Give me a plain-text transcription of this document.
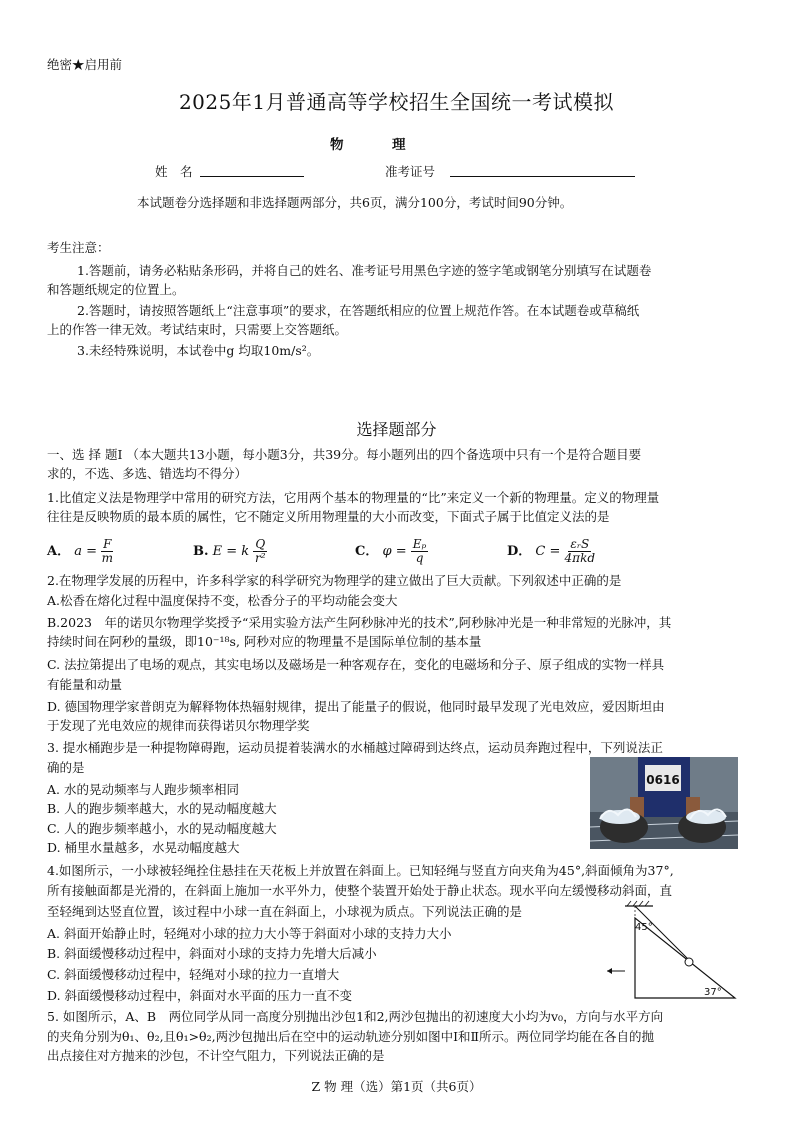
绝密★启用前
2025年1月普通高等学校招生全国统一考试模拟
物　　　理
姓　名	准考证号
本试题卷分选择题和非选择题两部分，共6页，满分100分，考试时间90分钟。
考生注意：
1.答题前，请务必粘贴条形码，并将自己的姓名、准考证号用黑色字迹的签字笔或钢笔分别填写在试题卷
和答题纸规定的位置上。
2.答题时，请按照答题纸上“注意事项”的要求，在答题纸相应的位置上规范作答。在本试题卷或草稿纸
上的作答一律无效。考试结束时，只需要上交答题纸。
3.未经特殊说明，本试卷中g 均取10m/s²。
选择题部分
一、选 择 题Ⅰ （本大题共13小题，每小题3分，共39分。每小题列出的四个备选项中只有一个是符合题目要
求的，不选、多选、错选均不得分）
1.比值定义法是物理学中常用的研究方法，它用两个基本的物理量的“比”来定义一个新的物理量。定义的物理量
往往是反映物质的最本质的属性，它不随定义所用物理量的大小而改变，下面式子属于比值定义法的是
A． $a = \frac{F}{m}$	B. E = k $\frac{Q}{\text{r²}}$	C． $\varphi = \frac{\text{Eₚ}}{q}$	D． $C = \frac{\text{εᵣS}}{\text{4πkd}}$
2.在物理学发展的历程中，许多科学家的科学研究为物理学的建立做出了巨大贡献。下列叙述中正确的是
A.松香在熔化过程中温度保持不变，松香分子的平均动能会变大
B.2023　年的诺贝尔物理学奖授予“采用实验方法产生阿秒脉冲光的技术”,阿秒脉冲光是一种非常短的光脉冲，其
持续时间在阿秒的量级，即10⁻¹⁸s, 阿秒对应的物理量不是国际单位制的基本量
C. 法拉第提出了电场的观点，其实电场以及磁场是一种客观存在，变化的电磁场和分子、原子组成的实物一样具
有能量和动量
D. 德国物理学家普朗克为解释物体热辐射规律，提出了能量子的假说，他同时最早发现了光电效应，爱因斯坦由
于发现了光电效应的规律而获得诺贝尔物理学奖
3. 提水桶跑步是一种提物障碍跑，运动员提着装满水的水桶越过障碍到达终点，运动员奔跑过程中，下列说法正
确的是
A. 水的晃动频率与人跑步频率相同
B. 人的跑步频率越大，水的晃动幅度越大
C. 人的跑步频率越小，水的晃动幅度越大
D. 桶里水量越多，水晃动幅度越大
0616
4.如图所示，一小球被轻绳拴住悬挂在天花板上并放置在斜面上。已知轻绳与竖直方向夹角为45°,斜面倾角为37°,
所有接触面都是光滑的，在斜面上施加一水平外力，使整个装置开始处于静止状态。现水平向左缓慢移动斜面，直
至轻绳到达竖直位置，该过程中小球一直在斜面上，小球视为质点。下列说法正确的是
A. 斜面开始静止时，轻绳对小球的拉力大小等于斜面对小球的支持力大小
B. 斜面缓慢移动过程中，斜面对小球的支持力先增大后减小
C. 斜面缓慢移动过程中，轻绳对小球的拉力一直增大
D. 斜面缓慢移动过程中，斜面对水平面的压力一直不变
45°
37°
5. 如图所示，A、B　两位同学从同一高度分别抛出沙包1和2,两沙包抛出的初速度大小均为v₀，方向与水平方向
的夹角分别为θ₁、θ₂,且θ₁>θ₂,两沙包抛出后在空中的运动轨迹分别如图中Ⅰ和Ⅱ所示。两位同学均能在各自的抛
出点接住对方抛来的沙包，不计空气阻力，下列说法正确的是
Z 物 理（选）第1页（共6页）
